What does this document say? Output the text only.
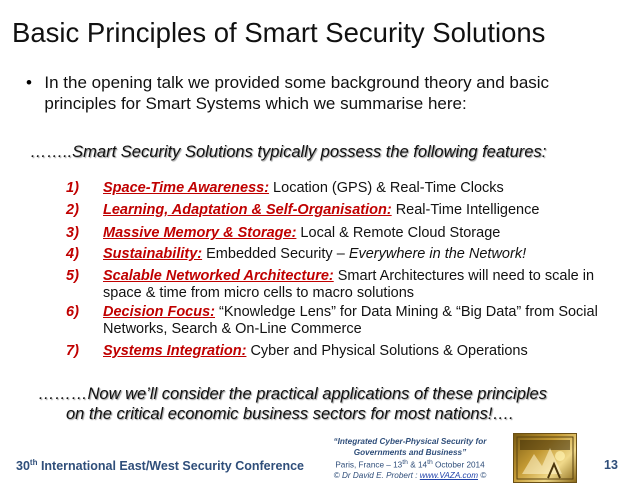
Basic Principles of Smart Security Solutions
• In the opening talk we provided some background theory and basic principles for Smart Systems which we summarise here:
……..Smart Security Solutions typically possess the following features:
1)	Space-Time Awareness: Location (GPS) & Real-Time Clocks
2)	Learning, Adaptation & Self-Organisation: Real-Time Intelligence
3)	Massive Memory & Storage: Local & Remote Cloud Storage
4)	Sustainability: Embedded Security – Everywhere in the Network!
5)	Scalable Networked Architecture: Smart Architectures will need to scale in space & time from micro cells to macro solutions
6)	Decision Focus: “Knowledge Lens” for Data Mining & “Big Data” from Social Networks, Search & On-Line Commerce
7)	Systems Integration: Cyber and Physical Solutions & Operations
………Now we’ll consider the practical applications of these principles
on the critical economic business sectors for most nations!….
30th International East/West Security Conference
“Integrated Cyber-Physical Security for
Governments and Business”
Paris, France – 13th & 14th October 2014
© Dr David E. Probert : www.VAZA.com ©
13
